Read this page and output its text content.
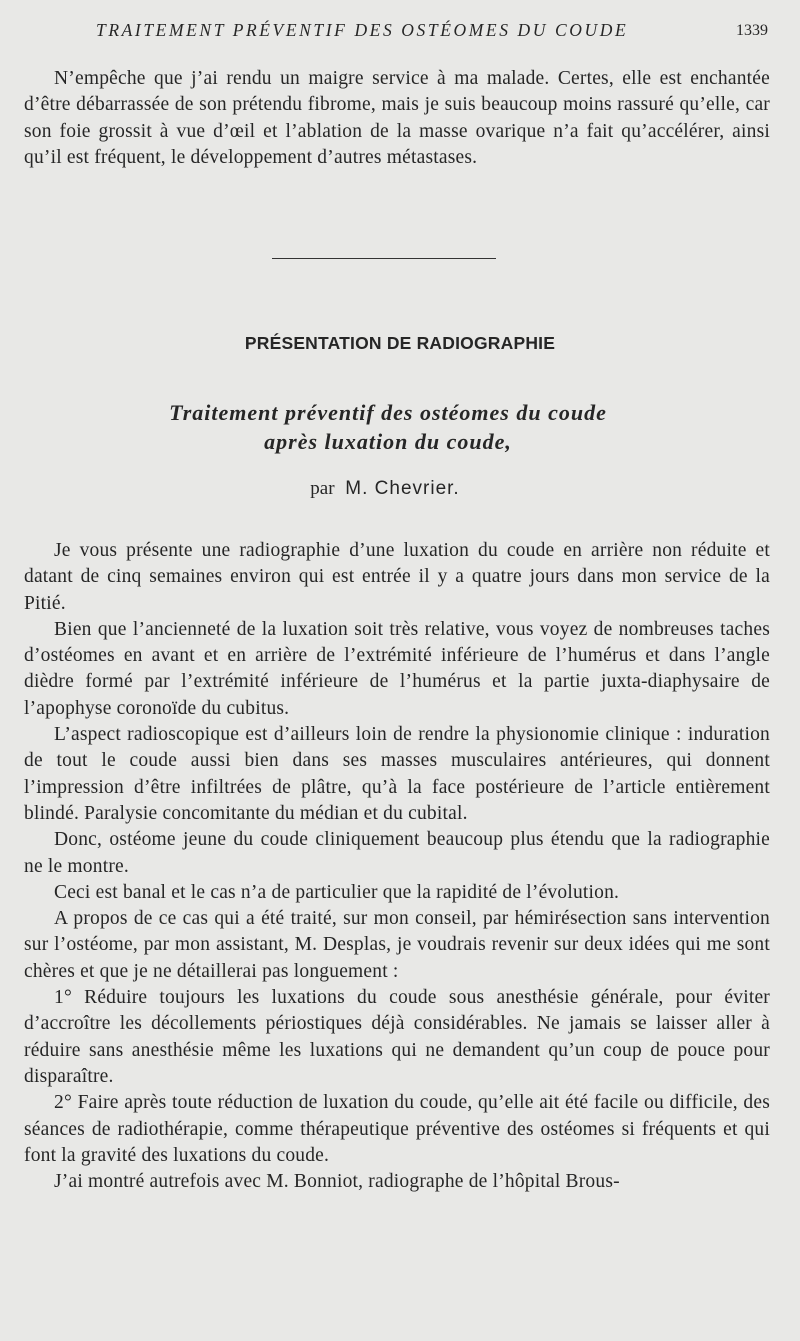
TRAITEMENT PRÉVENTIF DES OSTÉOMES DU COUDE	1339
N’empêche que j’ai rendu un maigre service à ma malade. Certes, elle est enchantée d’être débarrassée de son prétendu fibrome, mais je suis beaucoup moins rassuré qu’elle, car son foie grossit à vue d’œil et l’ablation de la masse ovarique n’a fait qu’accélérer, ainsi qu’il est fréquent, le développement d’autres métastases.
PRÉSENTATION DE RADIOGRAPHIE
Traitement préventif des ostéomes du coude
après luxation du coude,
par M. Chevrier.

Je vous présente une radiographie d’une luxation du coude en arrière non réduite et datant de cinq semaines environ qui est entrée il y a quatre jours dans mon service de la Pitié.

Bien que l’ancienneté de la luxation soit très relative, vous voyez de nombreuses taches d’ostéomes en avant et en arrière de l’extrémité inférieure de l’humérus et dans l’angle dièdre formé par l’extrémité inférieure de l’humérus et la partie juxta-diaphysaire de l’apophyse coronoïde du cubitus.

L’aspect radioscopique est d’ailleurs loin de rendre la physionomie clinique : induration de tout le coude aussi bien dans ses masses musculaires antérieures, qui donnent l’impression d’être infiltrées de plâtre, qu’à la face postérieure de l’article entièrement blindé. Paralysie concomitante du médian et du cubital.

Donc, ostéome jeune du coude cliniquement beaucoup plus étendu que la radiographie ne le montre.

Ceci est banal et le cas n’a de particulier que la rapidité de l’évolution.

A propos de ce cas qui a été traité, sur mon conseil, par hémirésection sans intervention sur l’ostéome, par mon assistant, M. Desplas, je voudrais revenir sur deux idées qui me sont chères et que je ne détaillerai pas longuement :

1° Réduire toujours les luxations du coude sous anesthésie générale, pour éviter d’accroître les décollements périostiques déjà considérables. Ne jamais se laisser aller à réduire sans anesthésie même les luxations qui ne demandent qu’un coup de pouce pour disparaître.

2° Faire après toute réduction de luxation du coude, qu’elle ait été facile ou difficile, des séances de radiothérapie, comme thérapeutique préventive des ostéomes si fréquents et qui font la gravité des luxations du coude.

J’ai montré autrefois avec M. Bonniot, radiographe de l’hôpital Brous-
